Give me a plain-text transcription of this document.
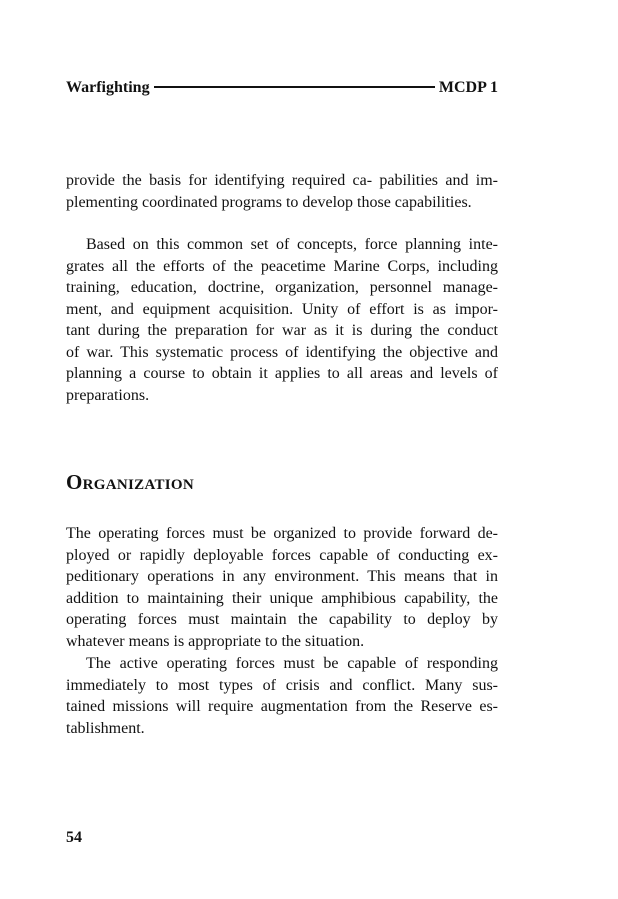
Warfighting	MCDP 1
provide the basis for identifying required ca- pabilities and im-
plementing coordinated programs to develop those capabilities.
Based on this common set of concepts, force planning inte-
grates all the efforts of the peacetime Marine Corps, including
training, education, doctrine, organization, personnel manage-
ment, and equipment acquisition. Unity of effort is as impor-
tant during the preparation for war as it is during the conduct
of war. This systematic process of identifying the objective and
planning a course to obtain it applies to all areas and levels of
preparations.
Organization
The operating forces must be organized to provide forward de-
ployed or rapidly deployable forces capable of conducting ex-
peditionary operations in any environment. This means that in
addition to maintaining their unique amphibious capability, the
operating forces must maintain the capability to deploy by
whatever means is appropriate to the situation.
The active operating forces must be capable of responding
immediately to most types of crisis and conflict. Many sus-
tained missions will require augmentation from the Reserve es-
tablishment.
54
